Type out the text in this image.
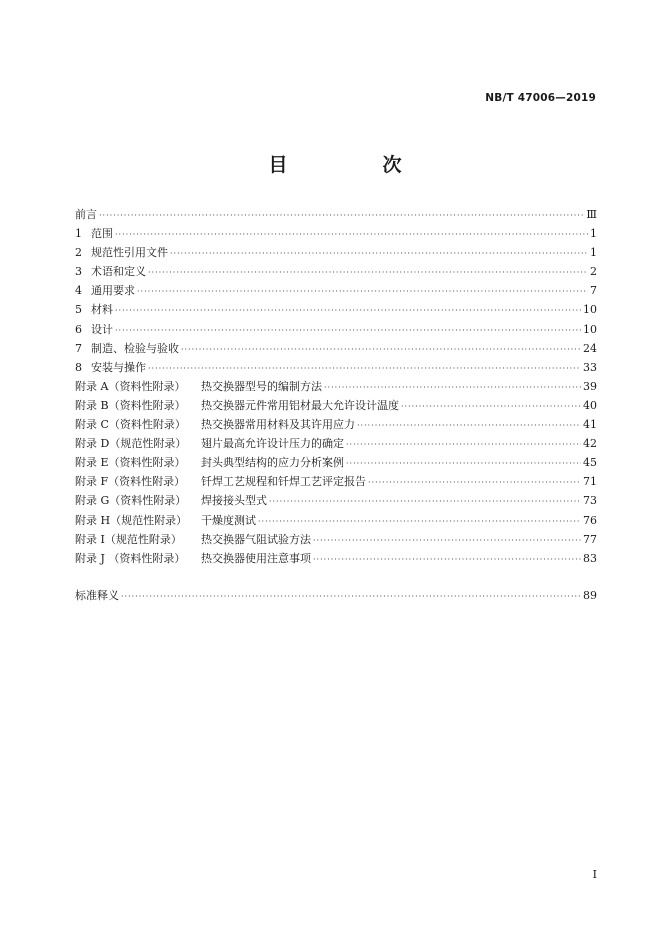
NB/T 47006—2019
目　次
前言 ·····	Ⅲ
1 范围 ·····	1
2 规范性引用文件 ·····	1
3 术语和定义 ·····	2
4 通用要求 ·····	7
5 材料 ·····	10
6 设计 ·····	10
7 制造、检验与验收 ·····	24
8 安装与操作 ·····	33
附录 A（资料性附录）	热交换器型号的编制方法 ·····	39
附录 B（资料性附录）	热交换器元件常用铝材最大允许设计温度 ·····	40
附录 C（资料性附录）	热交换器常用材料及其许用应力 ·····	41
附录 D（规范性附录）	翅片最高允许设计压力的确定 ·····	42
附录 E（资料性附录）	封头典型结构的应力分析案例 ·····	45
附录 F（资料性附录）	钎焊工艺规程和钎焊工艺评定报告 ·····	71
附录 G（资料性附录）	焊接接头型式 ·····	73
附录 H（规范性附录）	干燥度测试 ·····	76
附录 I（规范性附录）	热交换器气阻试验方法 ·····	77
附录 J （资料性附录）	热交换器使用注意事项 ·····	83
标准释义 ·····	89
I
